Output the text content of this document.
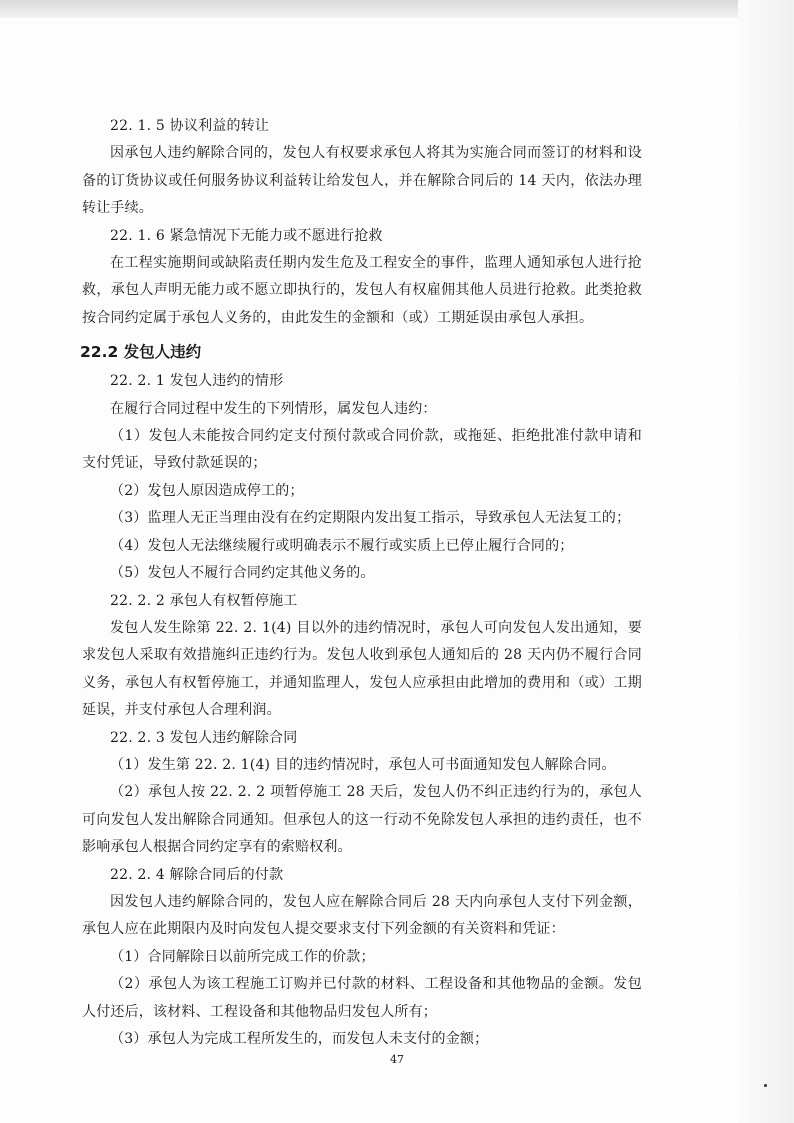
22. 1. 5 协议利益的转让

因承包人违约解除合同的，发包人有权要求承包人将其为实施合同而签订的材料和设备的订货协议或任何服务协议利益转让给发包人，并在解除合同后的 14 天内，依法办理转让手续。

22. 1. 6 紧急情况下无能力或不愿进行抢救

在工程实施期间或缺陷责任期内发生危及工程安全的事件，监理人通知承包人进行抢救，承包人声明无能力或不愿立即执行的，发包人有权雇佣其他人员进行抢救。此类抢救按合同约定属于承包人义务的，由此发生的金额和（或）工期延误由承包人承担。

22.2 发包人违约

22. 2. 1 发包人违约的情形

在履行合同过程中发生的下列情形，属发包人违约：

（1）发包人未能按合同约定支付预付款或合同价款，或拖延、拒绝批准付款申请和支付凭证，导致付款延误的；

（2）发包人原因造成停工的；

（3）监理人无正当理由没有在约定期限内发出复工指示，导致承包人无法复工的；

（4）发包人无法继续履行或明确表示不履行或实质上已停止履行合同的；

（5）发包人不履行合同约定其他义务的。

22. 2. 2 承包人有权暂停施工

发包人发生除第 22. 2. 1(4) 目以外的违约情况时，承包人可向发包人发出通知，要求发包人采取有效措施纠正违约行为。发包人收到承包人通知后的 28 天内仍不履行合同义务，承包人有权暂停施工，并通知监理人，发包人应承担由此增加的费用和（或）工期延误，并支付承包人合理利润。

22. 2. 3 发包人违约解除合同

（1）发生第 22. 2. 1(4) 目的违约情况时，承包人可书面通知发包人解除合同。

（2）承包人按 22. 2. 2 项暂停施工 28 天后，发包人仍不纠正违约行为的，承包人可向发包人发出解除合同通知。但承包人的这一行动不免除发包人承担的违约责任，也不影响承包人根据合同约定享有的索赔权利。

22. 2. 4 解除合同后的付款

因发包人违约解除合同的，发包人应在解除合同后 28 天内向承包人支付下列金额，承包人应在此期限内及时向发包人提交要求支付下列金额的有关资料和凭证：

（1）合同解除日以前所完成工作的价款；

（2）承包人为该工程施工订购并已付款的材料、工程设备和其他物品的金额。发包人付还后，该材料、工程设备和其他物品归发包人所有；

（3）承包人为完成工程所发生的，而发包人未支付的金额；

47
